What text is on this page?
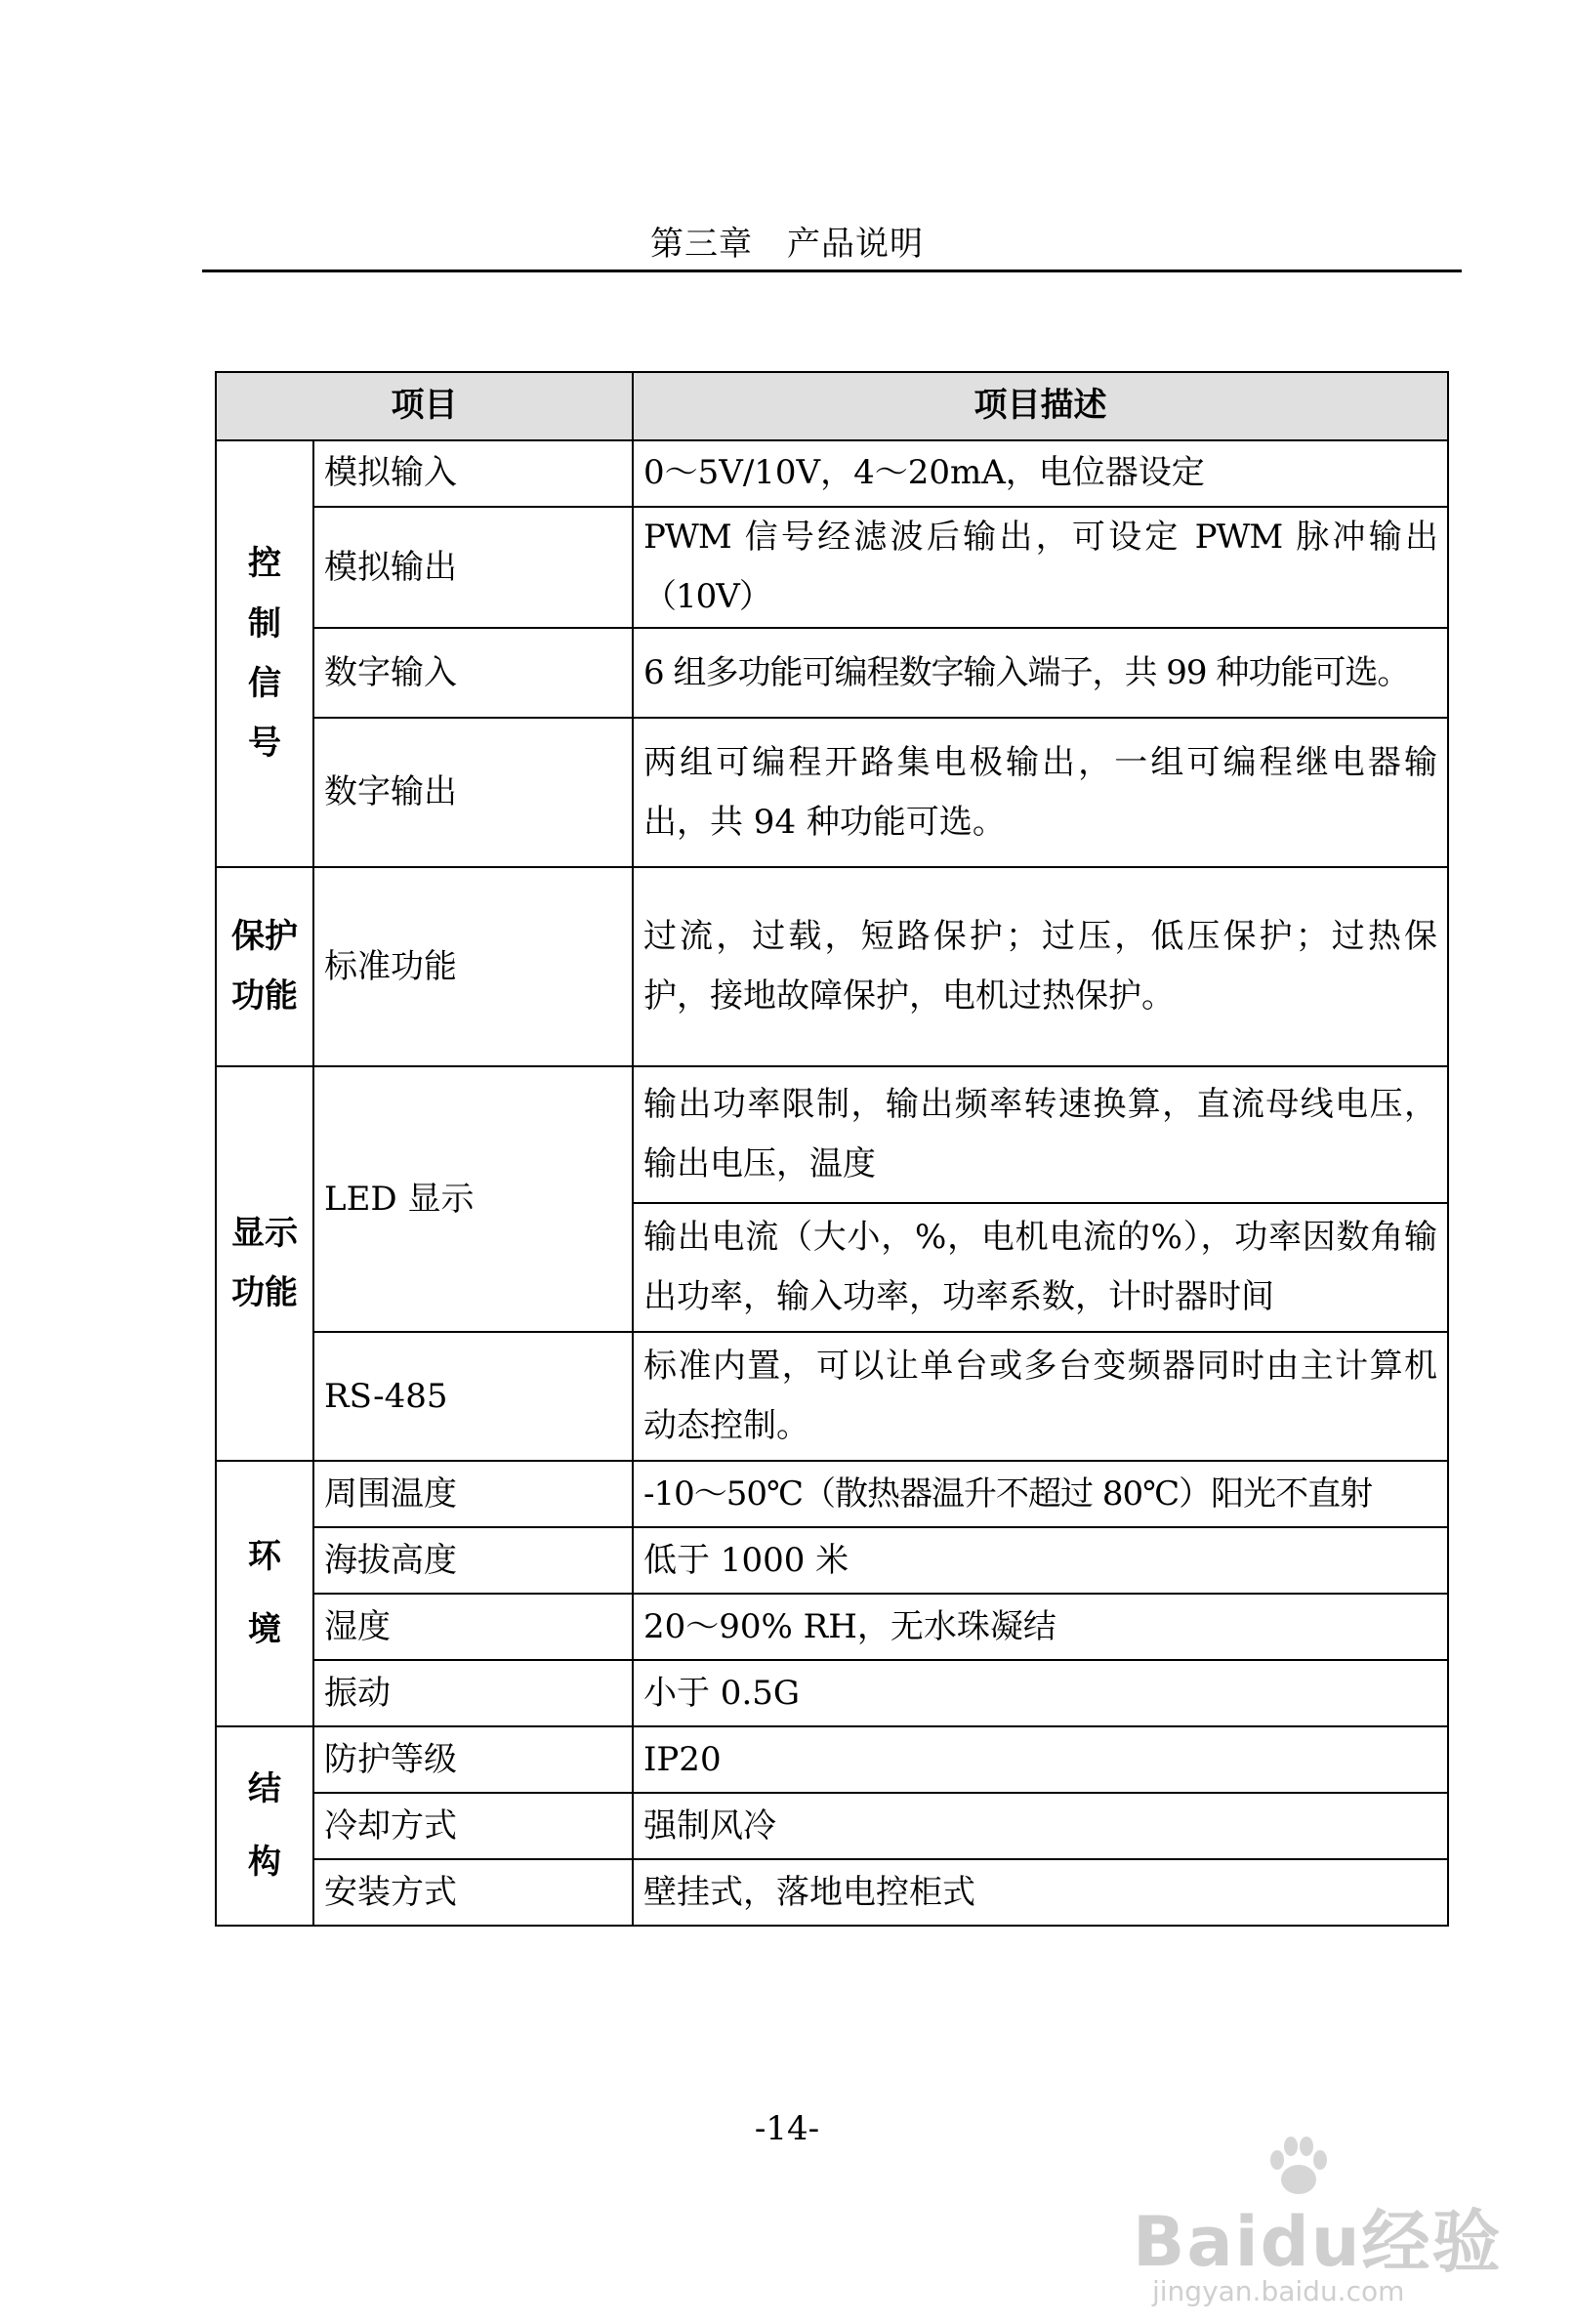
第三章　产品说明
项目		项目描述

控
制
信
号	模拟输入	0～5V/10V，4～20mA，电位器设定
	模拟输出	PWM 信号经滤波后输出，可设定 PWM 脉冲输出（10V）
	数字输入	6 组多功能可编程数字输入端子，共 99 种功能可选。
	数字输出	两组可编程开路集电极输出，一组可编程继电器输出，共 94 种功能可选。

保护
功能	标准功能	过流，过载，短路保护；过压，低压保护；过热保护，接地故障保护，电机过热保护。

显示
功能	LED 显示	输出功率限制，输出频率转速换算，直流母线电压，输出电压，温度
		输出电流（大小，%，电机电流的%），功率因数角输出功率，输入功率，功率系数，计时器时间
	RS-485	标准内置，可以让单台或多台变频器同时由主计算机动态控制。

环
境	周围温度	-10～50℃（散热器温升不超过 80℃）阳光不直射
	海拔高度	低于 1000 米
	湿度	20～90% RH，无水珠凝结
	振动	小于 0.5G

结
构	防护等级	IP20
	冷却方式	强制风冷
	安装方式	壁挂式，落地电控柜式
-14-
Baidu经验
jingyan.baidu.com
